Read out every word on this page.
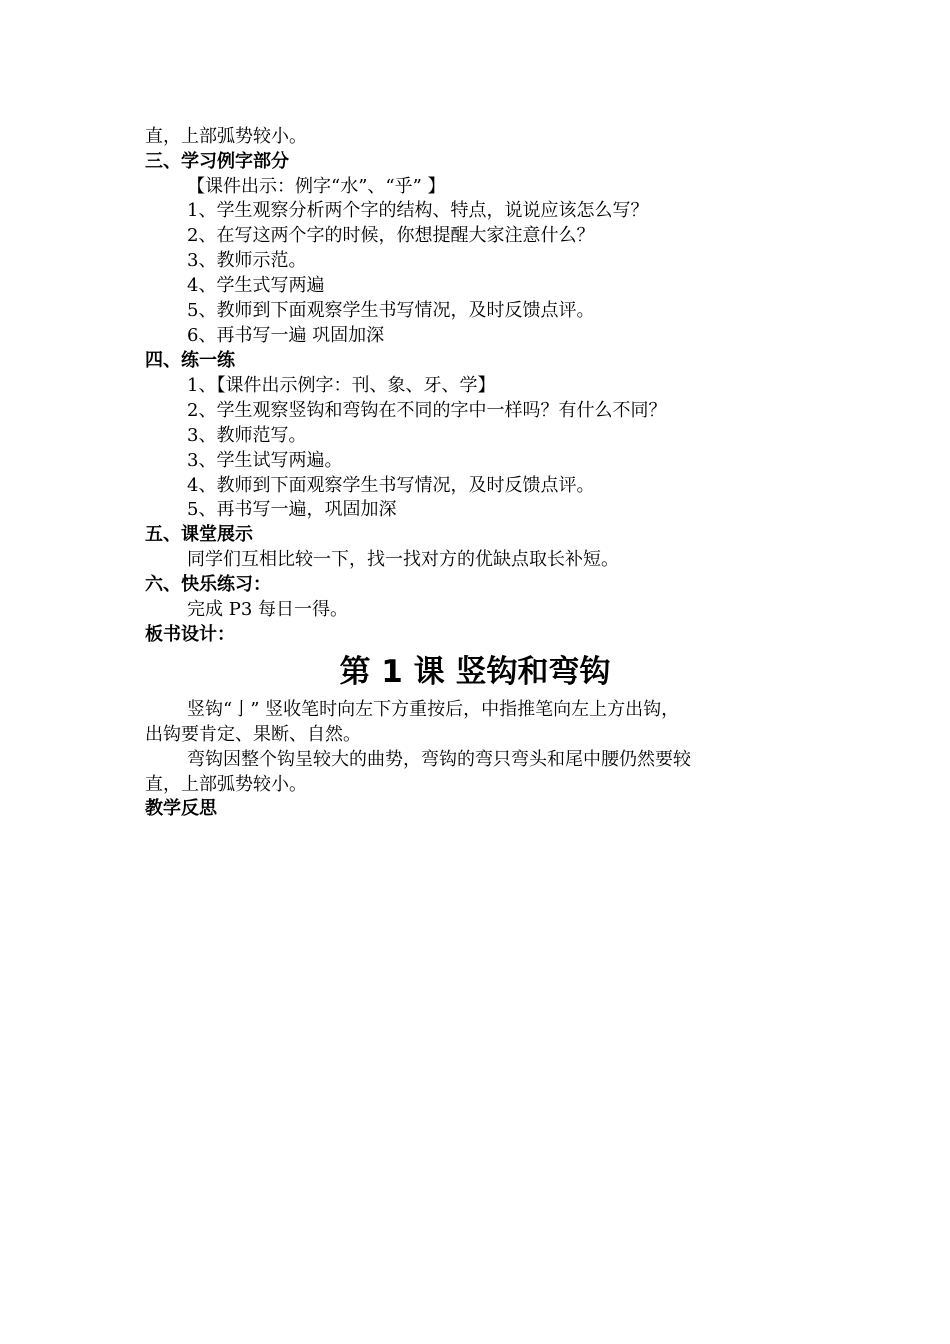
直，上部弧势较小。
三、学习例字部分
【课件出示：例字“水”、“乎” 】
1、学生观察分析两个字的结构、特点，说说应该怎么写？
2、在写这两个字的时候，你想提醒大家注意什么？
3、教师示范。
4、学生式写两遍
5、教师到下面观察学生书写情况，及时反馈点评。
6、再书写一遍 巩固加深
四、练一练
1、【课件出示例字：刊、象、牙、学】
2、学生观察竖钩和弯钩在不同的字中一样吗？有什么不同？
3、教师范写。
3、学生试写两遍。
4、教师到下面观察学生书写情况，及时反馈点评。
5、再书写一遍，巩固加深
五、课堂展示
同学们互相比较一下，找一找对方的优缺点取长补短。
六、快乐练习：
完成 P3 每日一得。
板书设计：
第 1 课 竖钩和弯钩
竖钩“亅” 竖收笔时向左下方重按后，中指推笔向左上方出钩，
出钩要肯定、果断、自然。
弯钩因整个钩呈较大的曲势，弯钩的弯只弯头和尾中腰仍然要较
直，上部弧势较小。
教学反思
